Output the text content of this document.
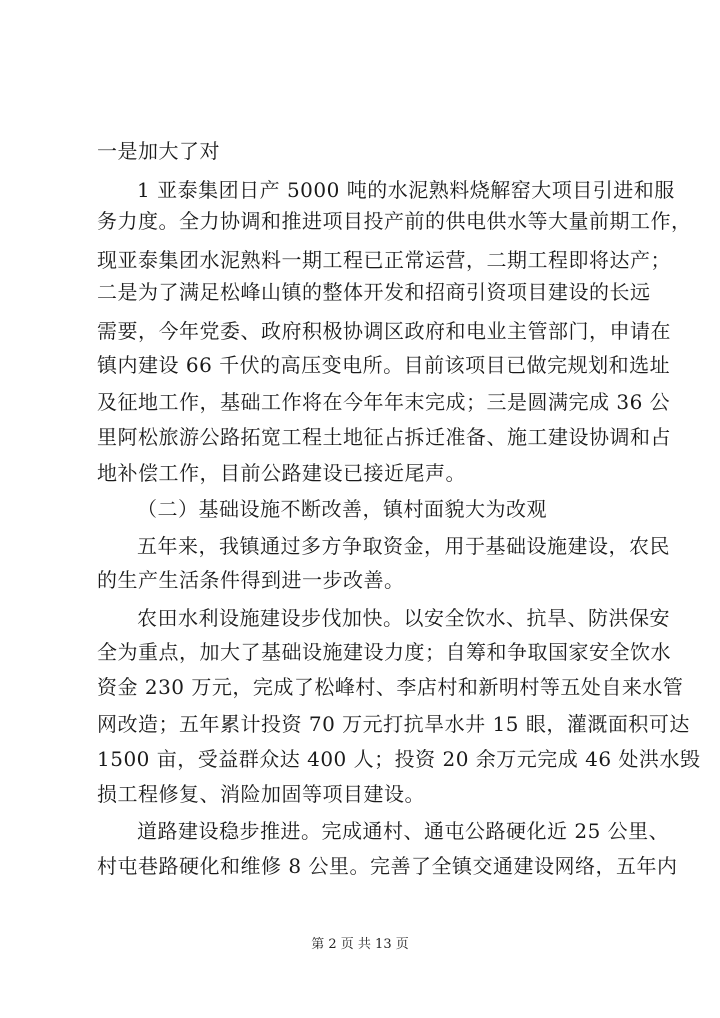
一是加大了对
1 亚泰集团日产 5000 吨的水泥熟料烧解窑大项目引进和服
务力度。全力协调和推进项目投产前的供电供水等大量前期工作，
现亚泰集团水泥熟料一期工程已正常运营，二期工程即将达产；
二是为了满足松峰山镇的整体开发和招商引资项目建设的长远
需要，今年党委、政府积极协调区政府和电业主管部门，申请在
镇内建设 66 千伏的高压变电所。目前该项目已做完规划和选址
及征地工作，基础工作将在今年年末完成；三是圆满完成 36 公
里阿松旅游公路拓宽工程土地征占拆迁准备、施工建设协调和占
地补偿工作，目前公路建设已接近尾声。
（二）基础设施不断改善，镇村面貌大为改观
五年来，我镇通过多方争取资金，用于基础设施建设，农民
的生产生活条件得到进一步改善。
农田水利设施建设步伐加快。以安全饮水、抗旱、防洪保安
全为重点，加大了基础设施建设力度；自筹和争取国家安全饮水
资金 230 万元，完成了松峰村、李店村和新明村等五处自来水管
网改造；五年累计投资 70 万元打抗旱水井 15 眼，灌溉面积可达
1500 亩，受益群众达 400 人；投资 20 余万元完成 46 处洪水毁
损工程修复、消险加固等项目建设。
道路建设稳步推进。完成通村、通屯公路硬化近 25 公里、
村屯巷路硬化和维修 8 公里。完善了全镇交通建设网络，五年内
第 2 页 共 13 页
